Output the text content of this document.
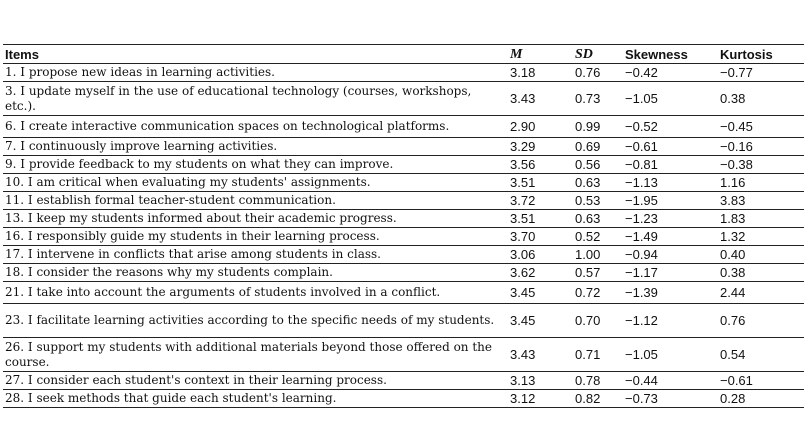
Items	M	SD	Skewness	Kurtosis
1. I propose new ideas in learning activities.	3.18	0.76	−0.42	−0.77
3. I update myself in the use of educational technology (courses, workshops, etc.).	3.43	0.73	−1.05	0.38
6. I create interactive communication spaces on technological platforms.	2.90	0.99	−0.52	−0.45
7. I continuously improve learning activities.	3.29	0.69	−0.61	−0.16
9. I provide feedback to my students on what they can improve.	3.56	0.56	−0.81	−0.38
10. I am critical when evaluating my students' assignments.	3.51	0.63	−1.13	1.16
11. I establish formal teacher-student communication.	3.72	0.53	−1.95	3.83
13. I keep my students informed about their academic progress.	3.51	0.63	−1.23	1.83
16. I responsibly guide my students in their learning process.	3.70	0.52	−1.49	1.32
17. I intervene in conflicts that arise among students in class.	3.06	1.00	−0.94	0.40
18. I consider the reasons why my students complain.	3.62	0.57	−1.17	0.38
21. I take into account the arguments of students involved in a conflict.	3.45	0.72	−1.39	2.44
23. I facilitate learning activities according to the specific needs of my students.	3.45	0.70	−1.12	0.76
26. I support my students with additional materials beyond those offered on the course.	3.43	0.71	−1.05	0.54
27. I consider each student's context in their learning process.	3.13	0.78	−0.44	−0.61
28. I seek methods that guide each student's learning.	3.12	0.82	−0.73	0.28
